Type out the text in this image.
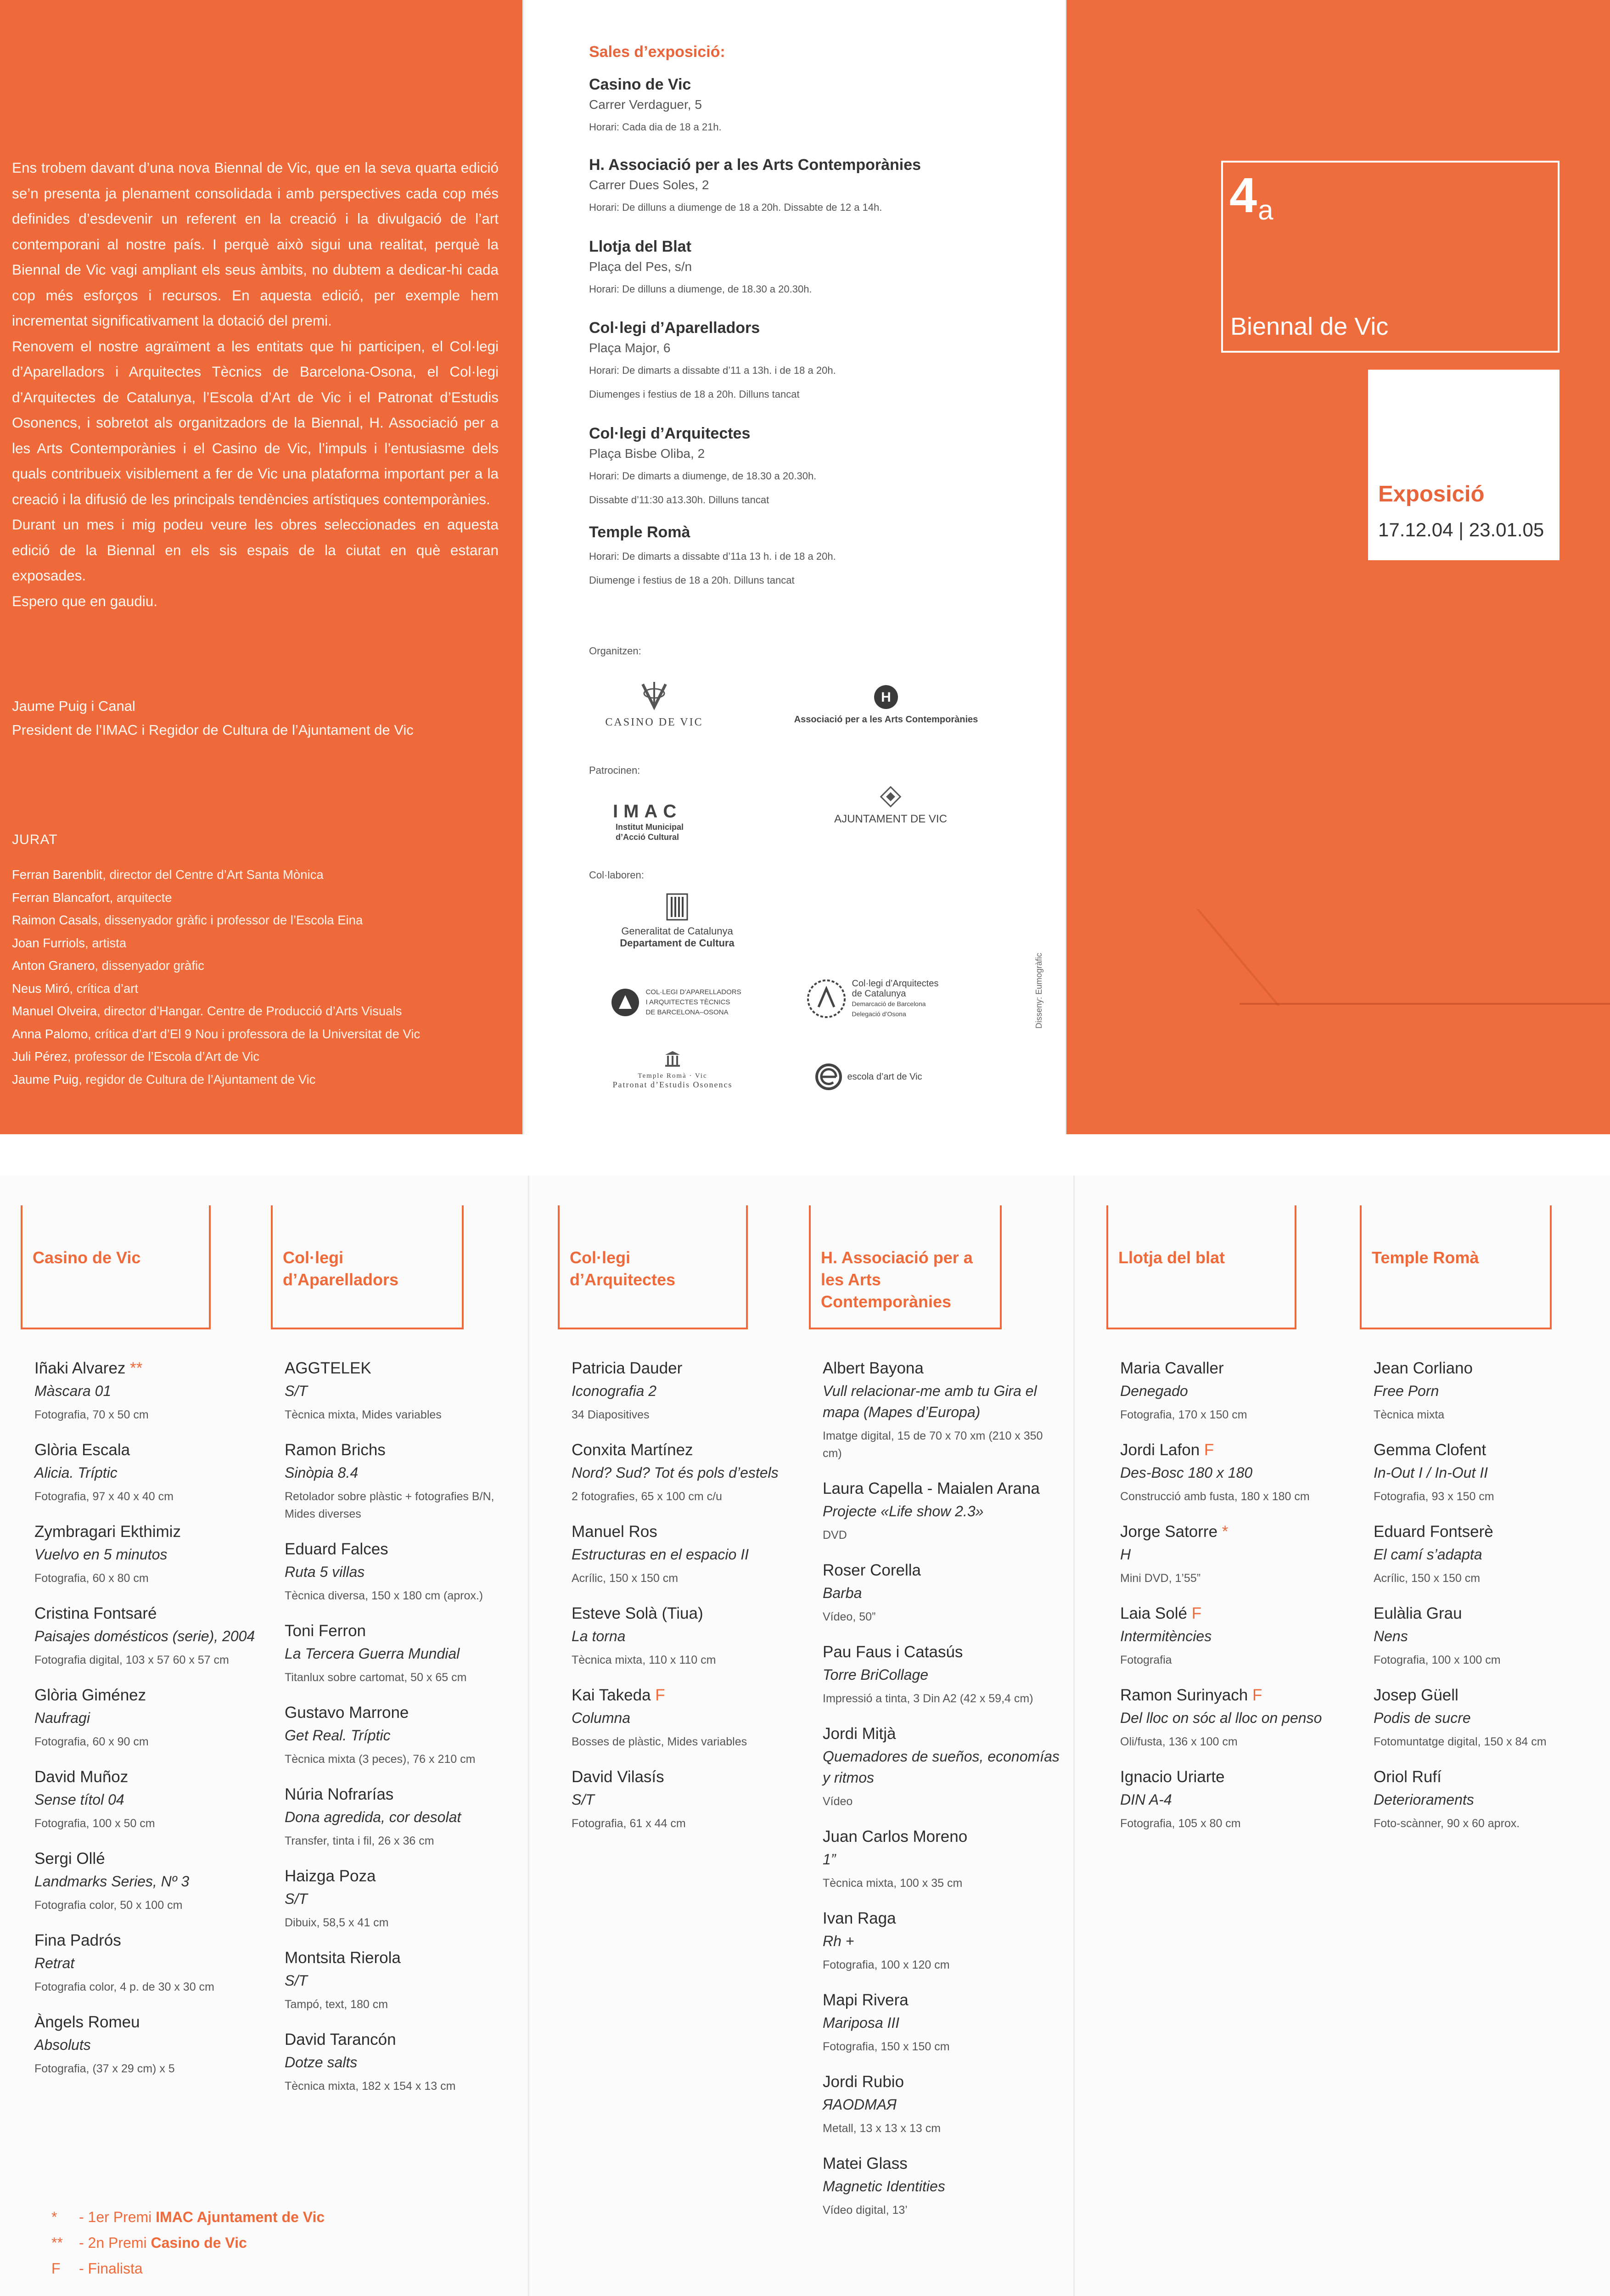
Ens trobem davant d’una nova Biennal de Vic, que en la seva quarta edició se’n presenta ja plenament consolidada i amb perspectives cada cop més definides d’esdevenir un referent en la creació i la divulgació de l’art contemporani al nostre país. I perquè això sigui una realitat, perquè la Biennal de Vic vagi ampliant els seus àmbits, no dubtem a dedicar-hi cada cop més esforços i recursos. En aquesta edició, per exemple hem incrementat significativament la dotació del premi.

Renovem el nostre agraïment a les entitats que hi participen, el Col·legi d’Aparelladors i Arquitectes Tècnics de Barcelona-Osona, el Col·legi d’Arquitectes de Catalunya, l’Escola d’Art de Vic i el Patronat d’Estudis Osonencs, i sobretot als organitzadors de la Biennal, H. Associació per a les Arts Contemporànies i el Casino de Vic, l’impuls i l’entusiasme dels quals contribueix visiblement a fer de Vic una plataforma important per a la creació i la difusió de les principals tendències artístiques contemporànies.

Durant un mes i mig podeu veure les obres seleccionades en aquesta edició de la Biennal en els sis espais de la ciutat en què estaran exposades.

Espero que en gaudiu.

Jaume Puig i Canal
President de l’IMAC i Regidor de Cultura de l’Ajuntament de Vic
JURAT
Ferran Barenblit, director del Centre d’Art Santa Mònica
Ferran Blancafort, arquitecte
Raimon Casals, dissenyador gràfic i professor de l’Escola Eina
Joan Furriols, artista
Anton Granero, dissenyador gràfic
Neus Miró, crítica d’art
Manuel Olveira, director d’Hangar. Centre de Producció d’Arts Visuals
Anna Palomo, crítica d’art d’El 9 Nou i professora de la Universitat de Vic
Juli Pérez, professor de l’Escola d’Art de Vic
Jaume Puig, regidor de Cultura de l’Ajuntament de Vic
Sales d’exposició:
Casino de Vic
Carrer Verdaguer, 5
Horari: Cada dia de 18 a 21h.
H. Associació per a les Arts Contemporànies
Carrer Dues Soles, 2
Horari: De dilluns a diumenge de 18 a 20h. Dissabte de 12 a 14h.
Llotja del Blat
Plaça del Pes, s/n
Horari: De dilluns a diumenge, de 18.30 a 20.30h.
Col·legi d’Aparelladors
Plaça Major, 6
Horari: De dimarts a dissabte d’11 a 13h. i de 18 a 20h.
Diumenges i festius de 18 a 20h. Dilluns tancat
Col·legi d’Arquitectes
Plaça Bisbe Oliba, 2
Horari: De dimarts a diumenge, de 18.30 a 20.30h.
Dissabte d’11:30 a13.30h. Dilluns tancat
Temple Romà
Horari: De dimarts a dissabte d’11a 13 h. i de 18 a 20h.
Diumenge i festius de 18 a 20h. Dilluns tancat
Organitzen:
CASINO DE VIC
H
Associació per a les Arts Contemporànies
Patrocinen:
IMAC
Institut Municipal
d’Acció Cultural
AJUNTAMENT DE VIC
Col·laboren:
Generalitat de Catalunya
Departament de Cultura

COL·LEGI D’APARELLADORS
I ARQUITECTES TÈCNICS
DE BARCELONA–OSONA

Col·legi d’Arquitectes
de Catalunya
Demarcació de Barcelona
Delegació d’Osona
Temple Romà · Vic
Patronat d’Estudis Osonencs
escola d’art de Vic
Disseny: Eumogràfic
$4_a$
Biennal de Vic
Exposició
17.12.04 | 23.01.05
Casino de Vic
Iñaki Alvarez **
Màscara 01
Fotografia, 70 x 50 cm
Glòria Escala
Alicia. Tríptic
Fotografia, 97 x 40 x 40 cm
Zymbragari Ekthimiz
Vuelvo en 5 minutos
Fotografia, 60 x 80 cm
Cristina Fontsaré
Paisajes domésticos (serie), 2004
Fotografia digital, 103 x 57 60 x 57 cm
Glòria Giménez
Naufragi
Fotografia, 60 x 90 cm
David Muñoz
Sense títol 04
Fotografia, 100 x 50 cm
Sergi Ollé
Landmarks Series, Nº 3
Fotografia color, 50 x 100 cm
Fina Padrós
Retrat
Fotografia color, 4 p. de 30 x 30 cm
Àngels Romeu
Absoluts
Fotografia, (37 x 29 cm) x 5
Col·legi d’Aparelladors
AGGTELEK
S/T
Tècnica mixta, Mides variables
Ramon Brichs
Sinòpia 8.4
Retolador sobre plàstic + fotografies B/N, Mides diverses
Eduard Falces
Ruta 5 villas
Tècnica diversa, 150 x 180 cm (aprox.)
Toni Ferron
La Tercera Guerra Mundial
Titanlux sobre cartomat, 50 x 65 cm
Gustavo Marrone
Get Real. Tríptic
Tècnica mixta (3 peces), 76 x 210 cm
Núria Nofrarías
Dona agredida, cor desolat
Transfer, tinta i fil, 26 x 36 cm
Haizga Poza
S/T
Dibuix, 58,5 x 41 cm
Montsita Rierola
S/T
Tampó, text, 180 cm
David Tarancón
Dotze salts
Tècnica mixta, 182 x 154 x 13 cm
Col·legi d’Arquitectes
Patricia Dauder
Iconografia 2
34 Diapositives
Conxita Martínez
Nord? Sud? Tot és pols d’estels
2 fotografies, 65 x 100 cm c/u
Manuel Ros
Estructuras en el espacio II
Acrílic, 150 x 150 cm
Esteve Solà (Tiua)
La torna
Tècnica mixta, 110 x 110 cm
Kai Takeda F
Columna
Bosses de plàstic, Mides variables
David Vilasís
S/T
Fotografia, 61 x 44 cm
H. Associació per a les Arts Contemporànies
Albert Bayona
Vull relacionar-me amb tu Gira el mapa (Mapes d’Europa)
Imatge digital, 15 de 70 x 70 xm (210 x 350 cm)
Laura Capella - Maialen Arana
Projecte «Life show 2.3»
DVD
Roser Corella
Barba
Vídeo, 50”
Pau Faus i Catasús
Torre BriCollage
Impressió a tinta, 3 Din A2 (42 x 59,4 cm)
Jordi Mitjà
Quemadores de sueños, economías y ritmos
Vídeo
Juan Carlos Moreno
1”
Tècnica mixta, 100 x 35 cm
Ivan Raga
Rh +
Fotografia, 100 x 120 cm
Mapi Rivera
Mariposa III
Fotografia, 150 x 150 cm
Jordi Rubio
ЯAODMAЯ
Metall, 13 x 13 x 13 cm
Matei Glass
Magnetic Identities
Vídeo digital, 13’
Llotja del blat
Maria Cavaller
Denegado
Fotografia, 170 x 150 cm
Jordi Lafon F
Des-Bosc 180 x 180
Construcció amb fusta, 180 x 180 cm
Jorge Satorre *
H
Mini DVD, 1’55”
Laia Solé F
Intermitències
Fotografia
Ramon Surinyach F
Del lloc on sóc al lloc on penso
Oli/fusta, 136 x 100 cm
Ignacio Uriarte
DIN A-4
Fotografia, 105 x 80 cm
Temple Romà
Jean Corliano
Free Porn
Tècnica mixta
Gemma Clofent
In-Out I / In-Out II
Fotografia, 93 x 150 cm
Eduard Fontserè
El camí s’adapta
Acrílic, 150 x 150 cm
Eulàlia Grau
Nens
Fotografia, 100 x 100 cm
Josep Güell
Podis de sucre
Fotomuntatge digital, 150 x 84 cm
Oriol Rufí
Deterioraments
Foto-scànner, 90 x 60 aprox.
* - 1er Premi IMAC Ajuntament de Vic
** - 2n Premi Casino de Vic
F - Finalista
